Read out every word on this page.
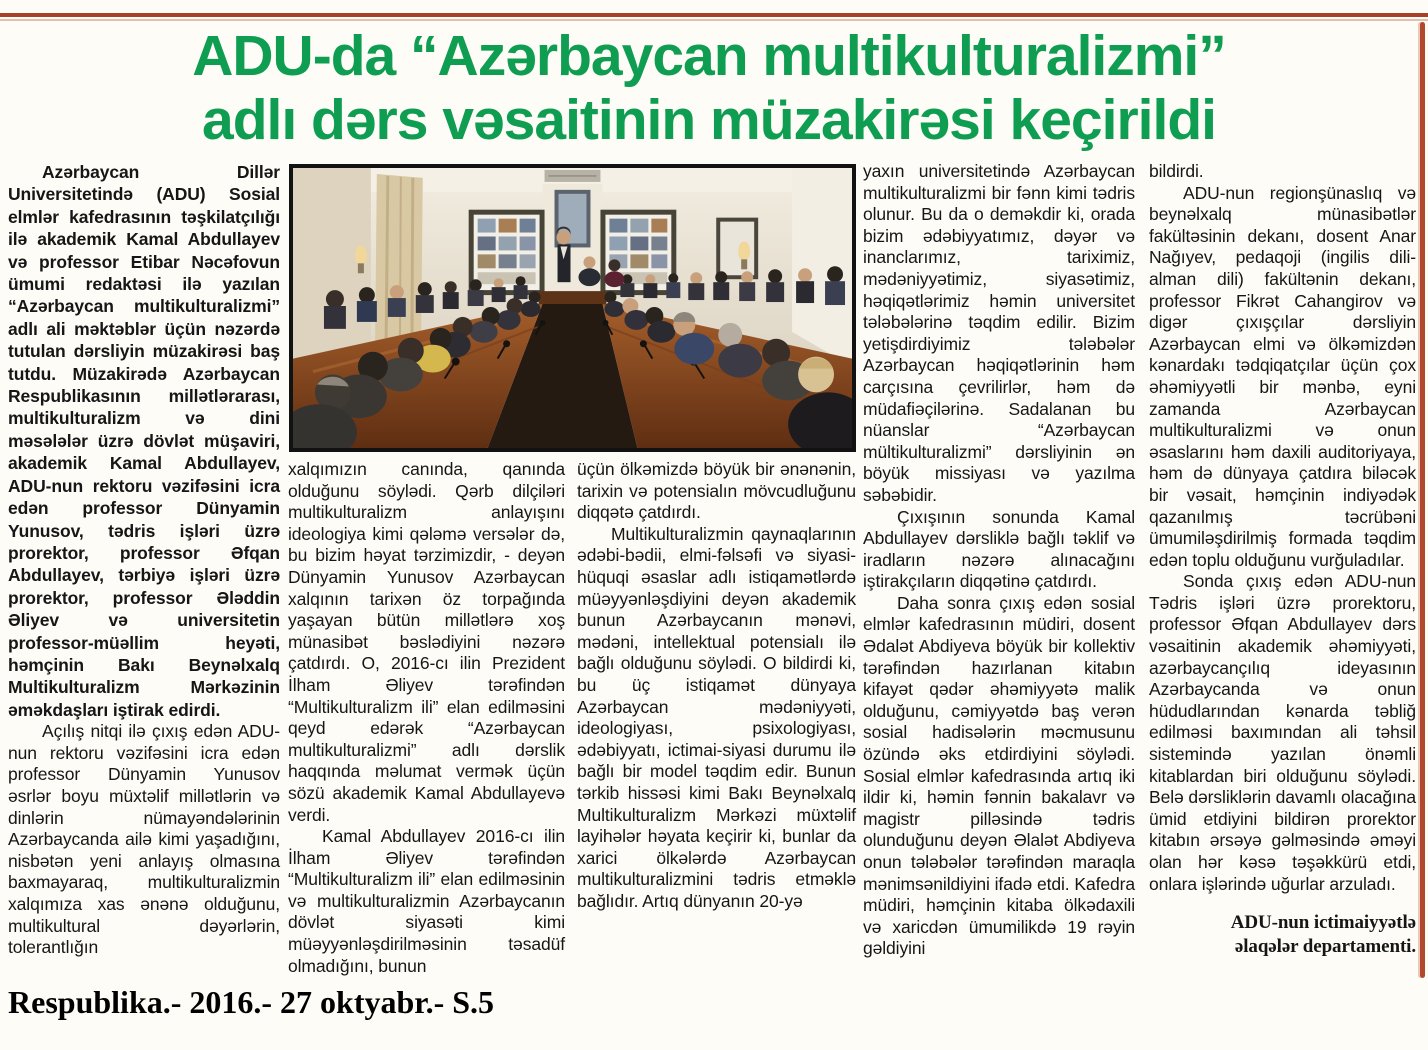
ADU-da “Azərbaycan multikulturalizmi”
adlı dərs vəsaitinin müzakirəsi keçirildi

Azərbaycan Dillər Universitetində (ADU) Sosial elmlər kafedrasının təşkilatçılığı ilə akademik Kamal Abdullayev və professor Etibar Nəcəfovun ümumi redaktəsi ilə yazılan “Azərbaycan multikulturalizmi” adlı ali məktəblər üçün nəzərdə tutulan dərsliyin müzakirəsi baş tutdu. Müzakirədə Azərbaycan Respublikasının millətlərarası, multikulturalizm və dini məsələlər üzrə dövlət müşaviri, akademik Kamal Abdullayev, ADU-nun rektoru vəzifəsini icra edən professor Dünyamin Yunusov, tədris işləri üzrə prorektor, professor Əfqan Abdullayev, tərbiyə işləri üzrə prorektor, professor Ələddin Əliyev və universitetin professor-müəllim heyəti, həmçinin Bakı Beynəlxalq Multikulturalizm Mərkəzinin əməkdaşları iştirak edirdi.

Açılış nitqi ilə çıxış edən ADU-nun rektoru vəzifəsini icra edən professor Dünyamin Yunusov əsrlər boyu müxtəlif millətlərin və dinlərin nümayəndələrinin Azərbaycanda ailə kimi yaşadığını, nisbətən yeni anlayış olmasına baxmayaraq, multikulturalizmin xalqımıza xas ənənə olduğunu, multikultural dəyərlərin, tolerantlığın

xalqımızın canında, qanında olduğunu söylədi. Qərb dilçiləri multikulturalizm anlayışını ideologiya kimi qələmə versələr də, bu bizim həyat tərzimizdir, - deyən Dünyamin Yunusov Azərbaycan xalqının tarixən öz torpağında yaşayan bütün millətlərə xoş münasibət bəslədiyini nəzərə çatdırdı. O, 2016-cı ilin Prezident İlham Əliyev tərəfindən “Multikulturalizm ili” elan edilməsini qeyd edərək “Azərbaycan multikulturalizmi” adlı dərslik haqqında məlumat vermək üçün sözü akademik Kamal Abdullayevə verdi.

Kamal Abdullayev 2016-cı ilin İlham Əliyev tərəfindən “Multikulturalizm ili” elan edilməsinin və multikulturalizmin Azərbaycanın dövlət siyasəti kimi müəyyənləşdirilməsinin təsadüf olmadığını, bunun

üçün ölkəmizdə böyük bir ənənənin, tarixin və potensialın mövcudluğunu diqqətə çatdırdı.

Multikulturalizmin qaynaqlarının ədəbi-bədii, elmi-fəlsəfi və siyasi-hüquqi əsaslar adlı istiqamətlərdə müəyyənləşdiyini deyən akademik bunun Azərbaycanın mənəvi, mədəni, intellektual potensialı ilə bağlı olduğunu söylədi. O bildirdi ki, bu üç istiqamət dünyaya Azərbaycan mədəniyyəti, ideologiyası, psixologiyası, ədəbiyyatı, ictimai-siyasi durumu ilə bağlı bir model təqdim edir. Bunun tərkib hissəsi kimi Bakı Beynəlxalq Multikulturalizm Mərkəzi müxtəlif layihələr həyata keçirir ki, bunlar da xarici ölkələrdə Azərbaycan multikulturalizmini tədris etməklə bağlıdır. Artıq dünyanın 20-yə

yaxın universitetində Azərbaycan multikulturalizmi bir fənn kimi tədris olunur. Bu da o deməkdir ki, orada bizim ədəbiyyatımız, dəyər və inanclarımız, tariximiz, mədəniyyətimiz, siyasətimiz, həqiqətlərimiz həmin universitet tələbələrinə təqdim edilir. Bizim yetişdirdiyimiz tələbələr Azərbaycan həqiqətlərinin həm carçısına çevrilirlər, həm də müdafiəçilərinə. Sadalanan bu nüanslar “Azərbaycan mültikulturalizmi” dərsliyinin ən böyük missiyası və yazılma səbəbidir.

Çıxışının sonunda Kamal Abdullayev dərsliklə bağlı təklif və iradların nəzərə alınacağını iştirakçıların diqqətinə çatdırdı.

Daha sonra çıxış edən sosial elmlər kafedrasının müdiri, dosent Ədalət Abdiyeva böyük bir kollektiv tərəfindən hazırlanan kitabın kifayət qədər əhəmiyyətə malik olduğunu, cəmiyyətdə baş verən sosial hadisələrin məcmusunu özündə əks etdirdiyini söylədi. Sosial elmlər kafedrasında artıq iki ildir ki, həmin fənnin bakalavr və magistr pilləsində tədris olunduğunu deyən Əlalət Abdiyeva onun tələbələr tərəfindən maraqla mənimsənildiyini ifadə etdi. Kafedra müdiri, həmçinin kitaba ölkədaxili və xaricdən ümumilikdə 19 rəyin gəldiyini

bildirdi.

ADU-nun regionşünaslıq və beynəlxalq münasibətlər fakültəsinin dekanı, dosent Anar Nağıyev, pedaqoji (ingilis dili-alman dili) fakültənin dekanı, professor Fikrət Cahangirov və digər çıxışçılar dərsliyin Azərbaycan elmi və ölkəmizdən kənardakı tədqiqatçılar üçün çox əhəmiyyətli bir mənbə, eyni zamanda Azərbaycan multikulturalizmi və onun əsaslarını həm daxili auditoriyaya, həm də dünyaya çatdıra biləcək bir vəsait, həmçinin indiyədək qazanılmış təcrübəni ümumiləşdirilmiş formada təqdim edən toplu olduğunu vurğuladılar.

Sonda çıxış edən ADU-nun Tədris işləri üzrə prorektoru, professor Əfqan Abdullayev dərs vəsaitinin akademik əhəmiyyəti, azərbaycançılıq ideyasının Azərbaycanda və onun hüdudlarından kənarda təbliğ edilməsi baxımından ali təhsil sistemində yazılan önəmli kitablardan biri olduğunu söylədi. Belə dərsliklərin davamlı olacağına ümid etdiyini bildirən prorektor kitabın ərsəyə gəlməsində əməyi olan hər kəsə təşəkkürü etdi, onlara işlərində uğurlar arzuladı.

ADU-nun ictimaiyyətlə
əlaqələr departamenti.
Respublika.- 2016.- 27 oktyabr.- S.5
